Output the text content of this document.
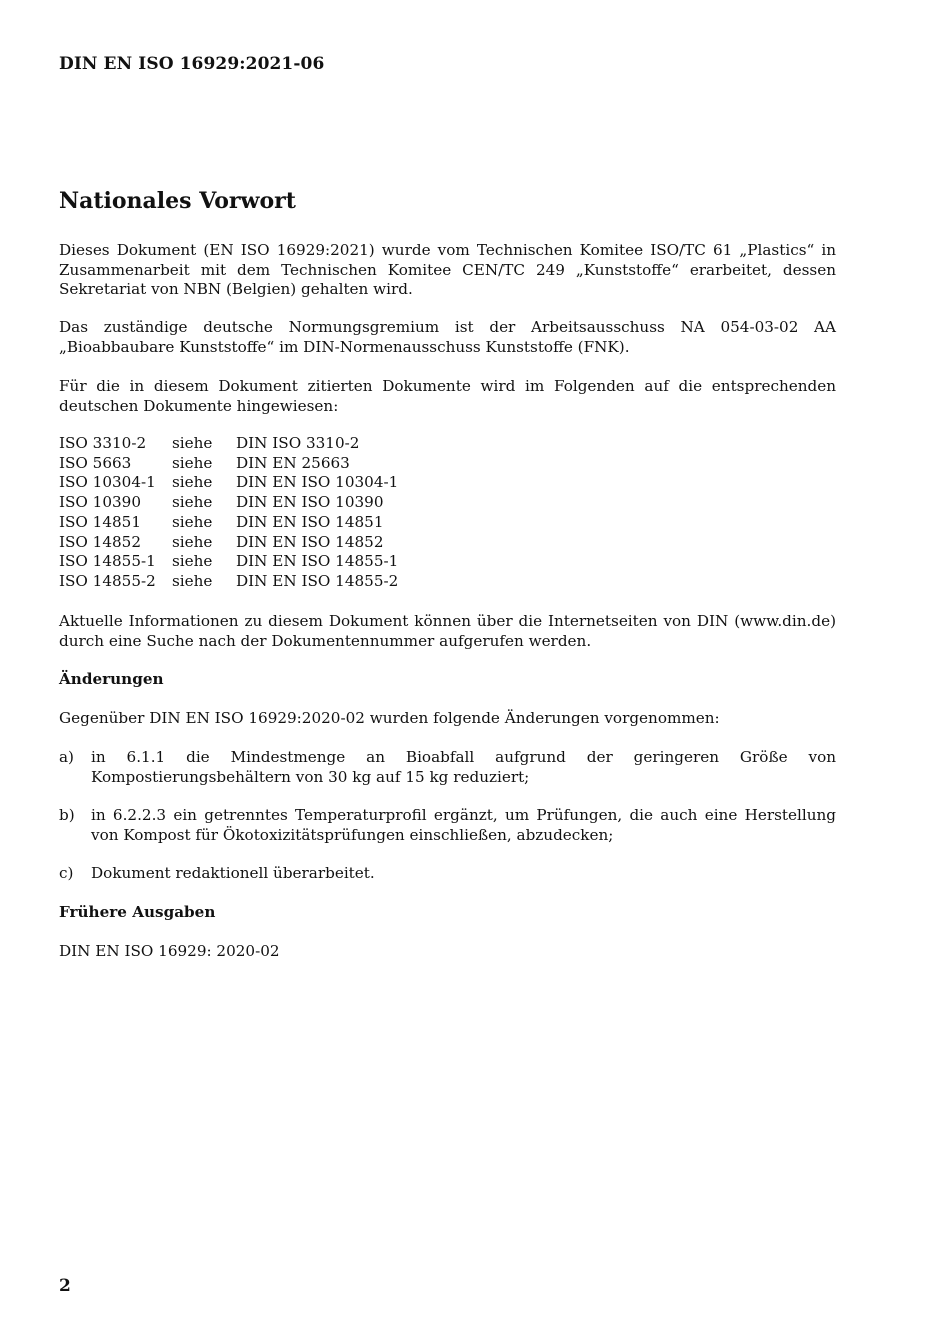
DIN EN ISO 16929:2021-06
Nationales Vorwort
Dieses Dokument (EN ISO 16929:2021) wurde vom Technischen Komitee ISO/TC 61 „Plastics“ in Zusammenarbeit mit dem Technischen Komitee CEN/TC 249 „Kunststoffe“ erarbeitet, dessen Sekretariat von NBN (Belgien) gehalten wird.
Das zuständige deutsche Normungsgremium ist der Arbeitsausschuss NA 054-03-02 AA „Bioabbaubare Kunststoffe“ im DIN-Normenausschuss Kunststoffe (FNK).
Für die in diesem Dokument zitierten Dokumente wird im Folgenden auf die entsprechenden deutschen Dokumente hingewiesen:
ISO 3310-2	siehe	DIN ISO 3310-2
ISO 5663	siehe	DIN EN 25663
ISO 10304-1	siehe	DIN EN ISO 10304-1
ISO 10390	siehe	DIN EN ISO 10390
ISO 14851	siehe	DIN EN ISO 14851
ISO 14852	siehe	DIN EN ISO 14852
ISO 14855-1	siehe	DIN EN ISO 14855-1
ISO 14855-2	siehe	DIN EN ISO 14855-2
Aktuelle Informationen zu diesem Dokument können über die Internetseiten von DIN (www.din.de) durch eine Suche nach der Dokumentennummer aufgerufen werden.
Änderungen
Gegenüber DIN EN ISO 16929:2020-02 wurden folgende Änderungen vorgenommen:
a)	in 6.1.1 die Mindestmenge an Bioabfall aufgrund der geringeren Größe von Kompostierungsbehältern von 30 kg auf 15 kg reduziert;
b)	in 6.2.2.3 ein getrenntes Temperaturprofil ergänzt, um Prüfungen, die auch eine Herstellung von Kompost für Ökotoxizitätsprüfungen einschließen, abzudecken;
c)	Dokument redaktionell überarbeitet.
Frühere Ausgaben
DIN EN ISO 16929: 2020-02
2
